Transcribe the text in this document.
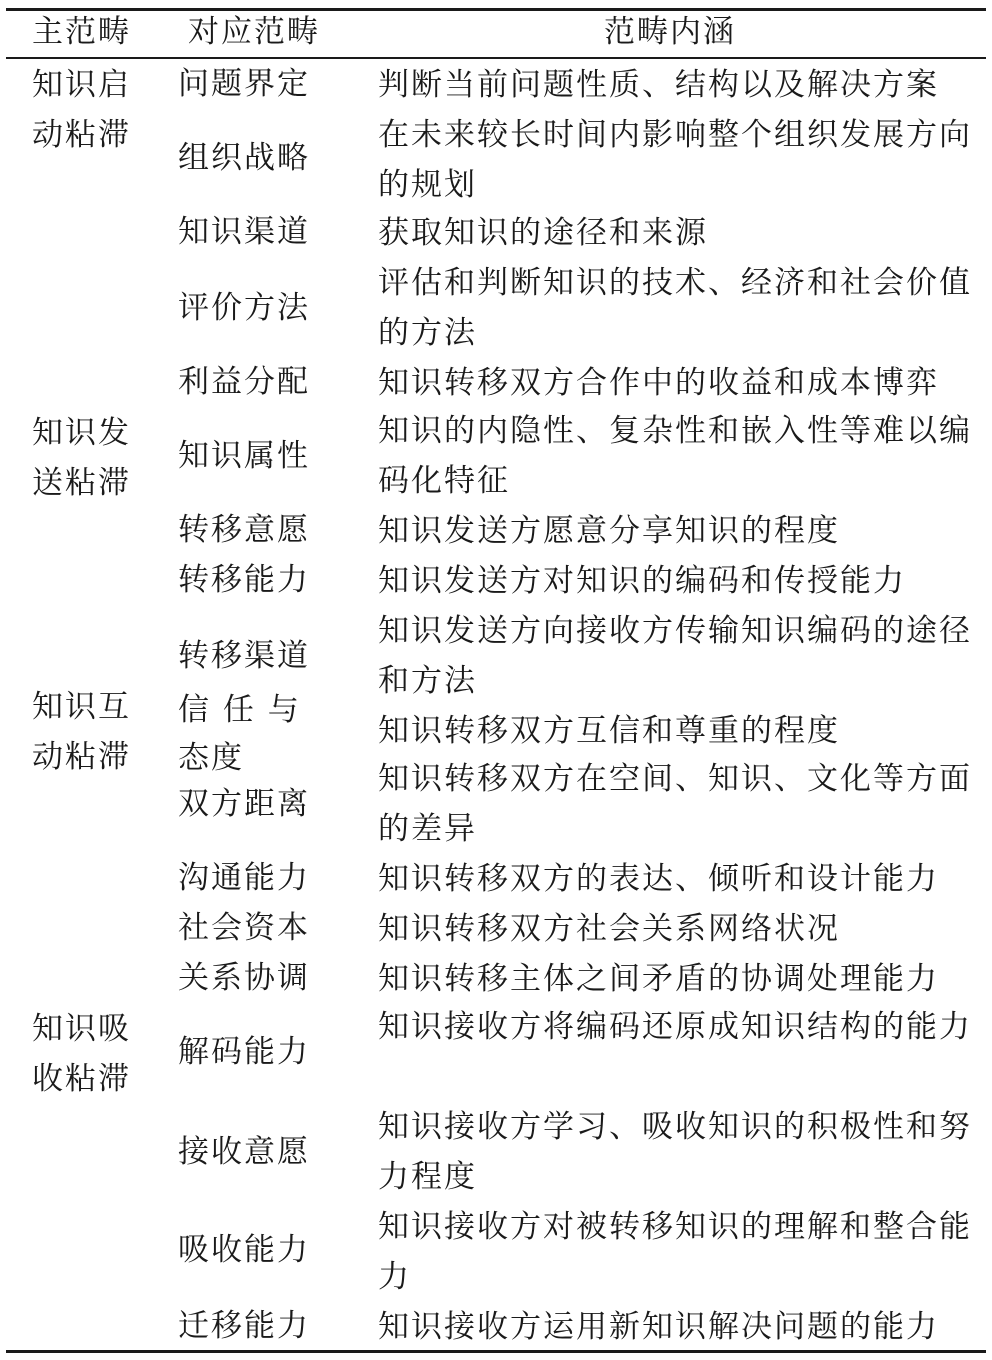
主范畴 对应范畴	范畴内涵
知识启动粘滞
知识发送粘滞
知识互动粘滞
知识吸收粘滞
问题界定
组织战略
知识渠道
评价方法
利益分配
知识属性
转移意愿
转移能力
转移渠道
信 任 与 态度
双方距离
沟通能力
社会资本
关系协调
解码能力
接收意愿
吸收能力
迁移能力
判断当前问题性质、结构以及解决方案
在未来较长时间内影响整个组织发展方向的规划
获取知识的途径和来源
评估和判断知识的技术、经济和社会价值的方法
知识转移双方合作中的收益和成本博弈
知识的内隐性、复杂性和嵌入性等难以编码化特征
知识发送方愿意分享知识的程度
知识发送方对知识的编码和传授能力
知识发送方向接收方传输知识编码的途径和方法
知识转移双方互信和尊重的程度
知识转移双方在空间、知识、文化等方面的差异
知识转移双方的表达、倾听和设计能力
知识转移双方社会关系网络状况
知识转移主体之间矛盾的协调处理能力
知识接收方将编码还原成知识结构的能力
知识接收方学习、吸收知识的积极性和努力程度
知识接收方对被转移知识的理解和整合能力
知识接收方运用新知识解决问题的能力
